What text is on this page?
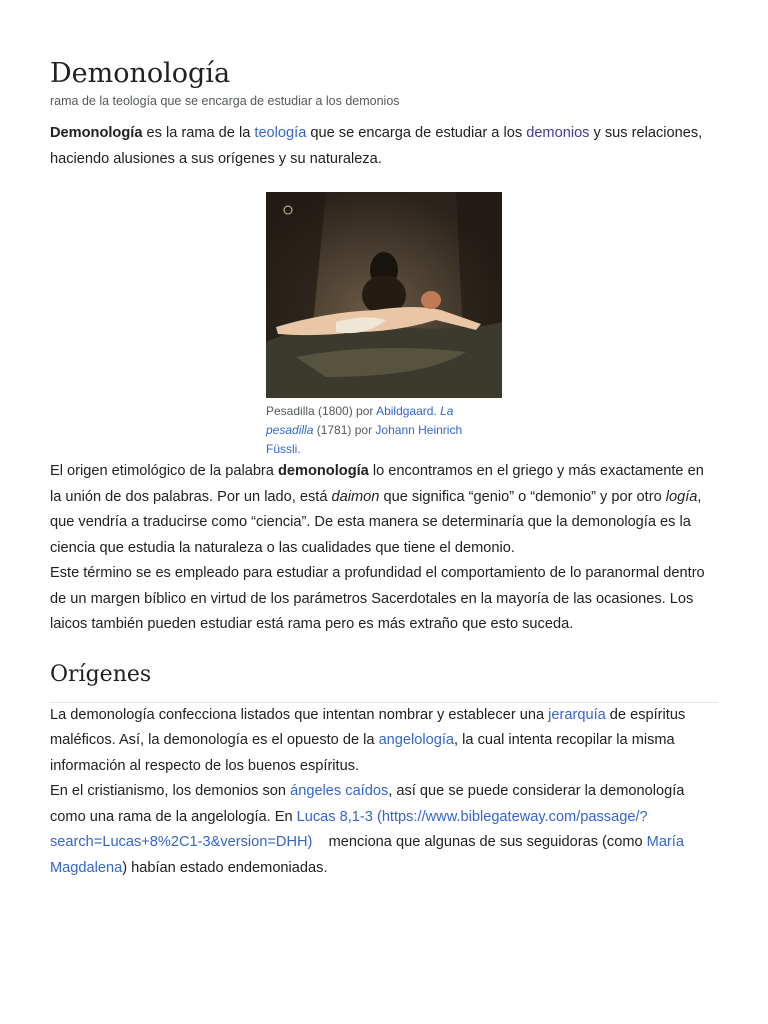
Demonología
rama de la teología que se encarga de estudiar a los demonios

Demonología es la rama de la teología que se encarga de estudiar a los demonios y sus relaciones, haciendo alusiones a sus orígenes y su naturaleza.

Pesadilla (1800) por Abildgaard. La pesadilla (1781) por Johann Heinrich Füssli.

El origen etimológico de la palabra demonología lo encontramos en el griego y más exactamente en la unión de dos palabras. Por un lado, está daimon que significa “genio” o “demonio” y por otro logía, que vendría a traducirse como “ciencia”. De esta manera se determinaría que la demonología es la ciencia que estudia la naturaleza o las cualidades que tiene el demonio.

Este término se es empleado para estudiar a profundidad el comportamiento de lo paranormal dentro de un margen bíblico en virtud de los parámetros Sacerdotales en la mayoría de las ocasiones. Los laicos también pueden estudiar está rama pero es más extraño que esto suceda.

Orígenes

La demonología confecciona listados que intentan nombrar y establecer una jerarquía de espíritus maléficos. Así, la demonología es el opuesto de la angelología, la cual intenta recopilar la misma información al respecto de los buenos espíritus.

En el cristianismo, los demonios son ángeles caídos, así que se puede considerar la demonología como una rama de la angelología. En Lucas 8,1-3 (https://www.biblegateway.com/passage/?search=Lucas+8%2C1-3&version=DHH)    menciona que algunas de sus seguidoras (como María Magdalena) habían estado endemoniadas.
